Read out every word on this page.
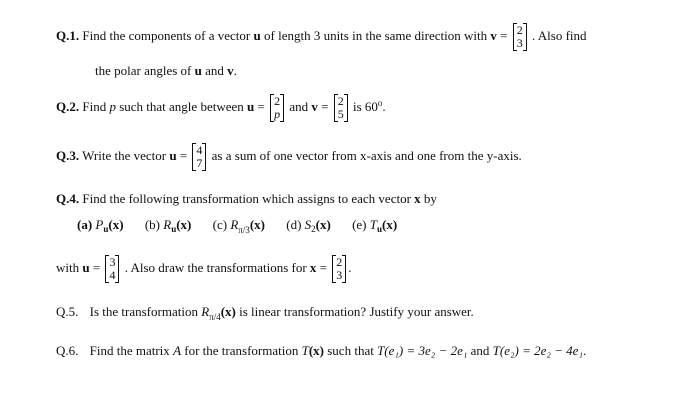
Q.1. Find the components of a vector u of length 3 units in the same direction with v = 2
3
. Also find
the polar angles of u and v.
Q.2. Find p such that angle between u = 2
p
and v = 2
5
is 60$^o$.
Q.3. Write the vector u = 4
7
as a sum of one vector from x-axis and one from the y-axis.
Q.4. Find the following transformation which assigns to each vector x by
(a) $P_u(x)$ (b) $R_u(x)$ (c) $R_{\pi/3}(x)$ (d) $S_2(x)$ (e) $T_u(x)$
with u = 3
4
. Also draw the transformations for x = 2
3
.
Q.5. Is the transformation $R_{\pi/4}(x)$ is linear transformation? Justify your answer.
Q.6. Find the matrix A for the transformation T(x) such that T(e₁) = 3e₂ − 2e₁ and T(e₂) = 2e₂ − 4e₁.
